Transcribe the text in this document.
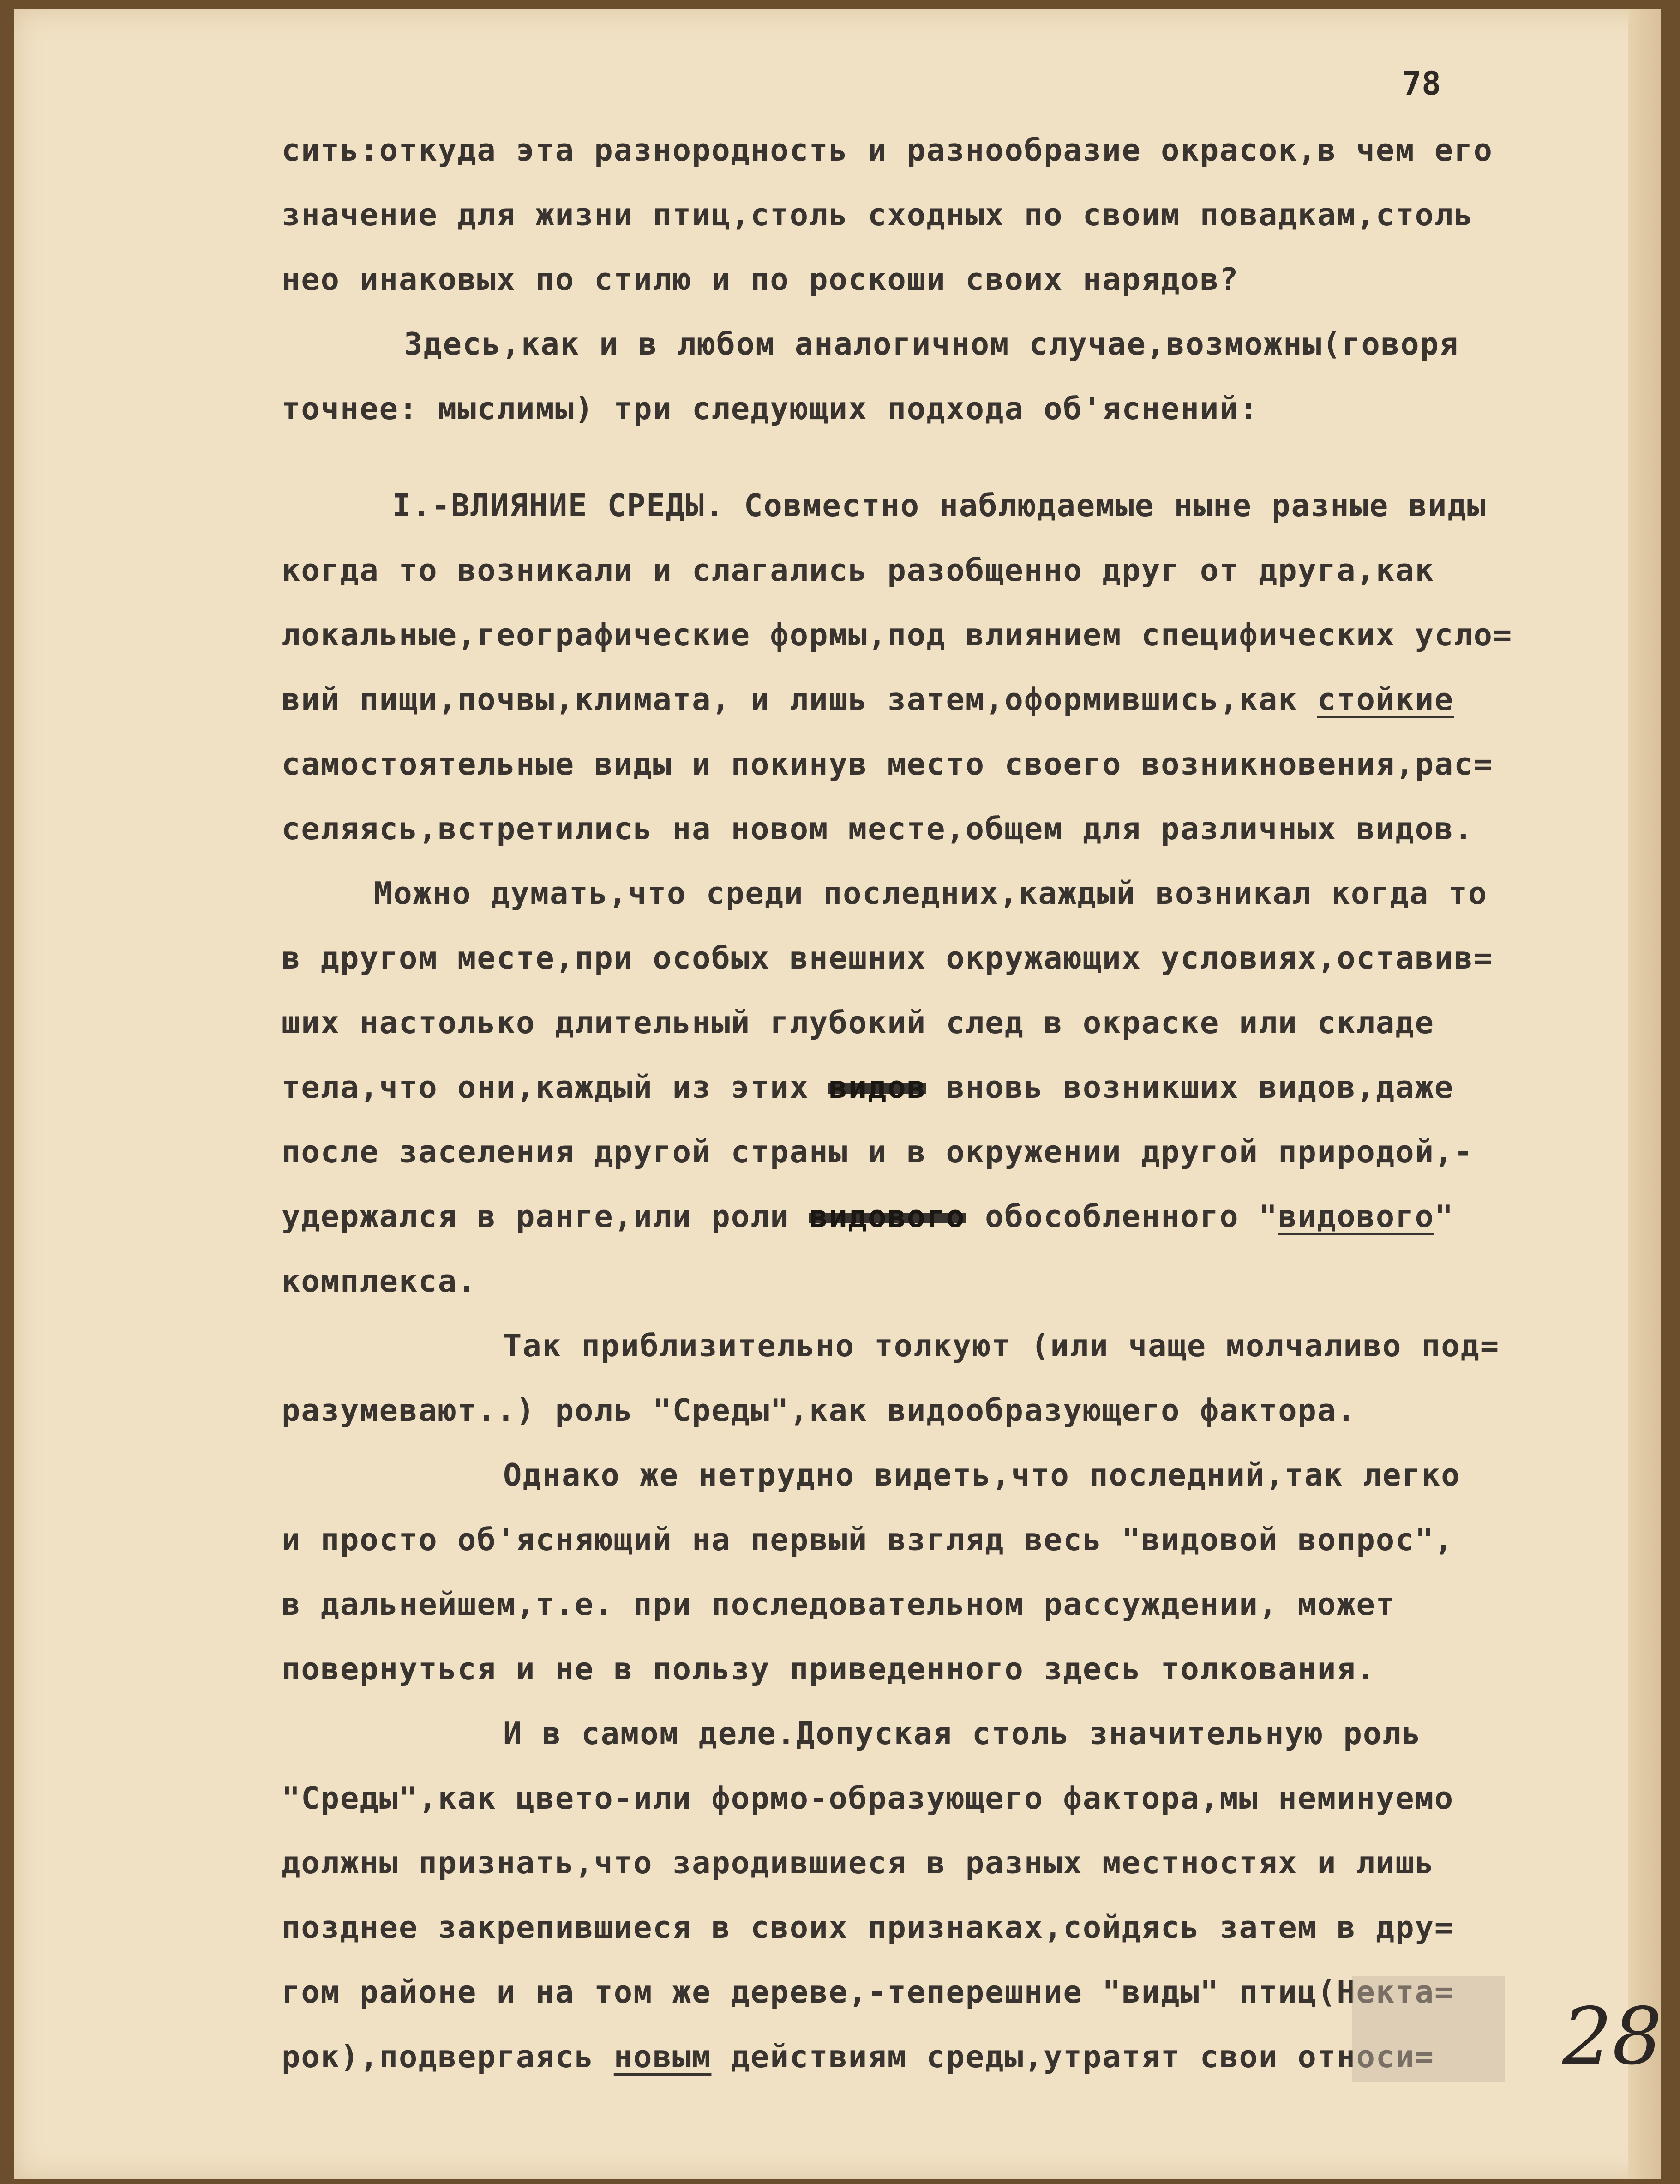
78
сить:откуда эта разнородность и разнообразие окрасок,в чем его
значение для жизни птиц,столь сходных по своим повадкам,столь
нео инаковых по стилю и по роскоши своих нарядов?
Здесь,как и в любом аналогичном случае,возможны(говоря
точнее: мыслимы) три следующих подхода об'яснений:
I.-ВЛИЯНИЕ СРЕДЫ. Совместно наблюдаемые ныне разные виды
когда то возникали и слагались разобщенно друг от друга,как
локальные,географические формы,под влиянием специфических усло=
вий пищи,почвы,климата, и лишь затем,оформившись,как стойкие
самостоятельные виды и покинув место своего возникновения,рас=
селяясь,встретились на новом месте,общем для различных видов.
Можно думать,что среди последних,каждый возникал когда то
в другом месте,при особых внешних окружающих условиях,оставив=
ших настолько длительный глубокий след в окраске или складе
тела,что они,каждый из этих видов вновь возникших видов,даже
после заселения другой страны и в окружении другой природой,-
удержался в ранге,или роли видового обособленного "видового"
комплекса.
Так приблизительно толкуют (или чаще молчаливо под=
разумевают..) роль "Среды",как видообразующего фактора.
Однако же нетрудно видеть,что последний,так легко
и просто об'ясняющий на первый взгляд весь "видовой вопрос",
в дальнейшем,т.е. при последовательном рассуждении, может
повернуться и не в пользу приведенного здесь толкования.
И в самом деле.Допуская столь значительную роль
"Среды",как цвето-или формо-образующего фактора,мы неминуемо
должны признать,что зародившиеся в разных местностях и лишь
позднее закрепившиеся в своих признаках,сойдясь затем в дру=
гом районе и на том же дереве,-теперешние "виды" птиц(Некта=
рок),подвергаясь новым действиям среды,утратят свои относи= 28
